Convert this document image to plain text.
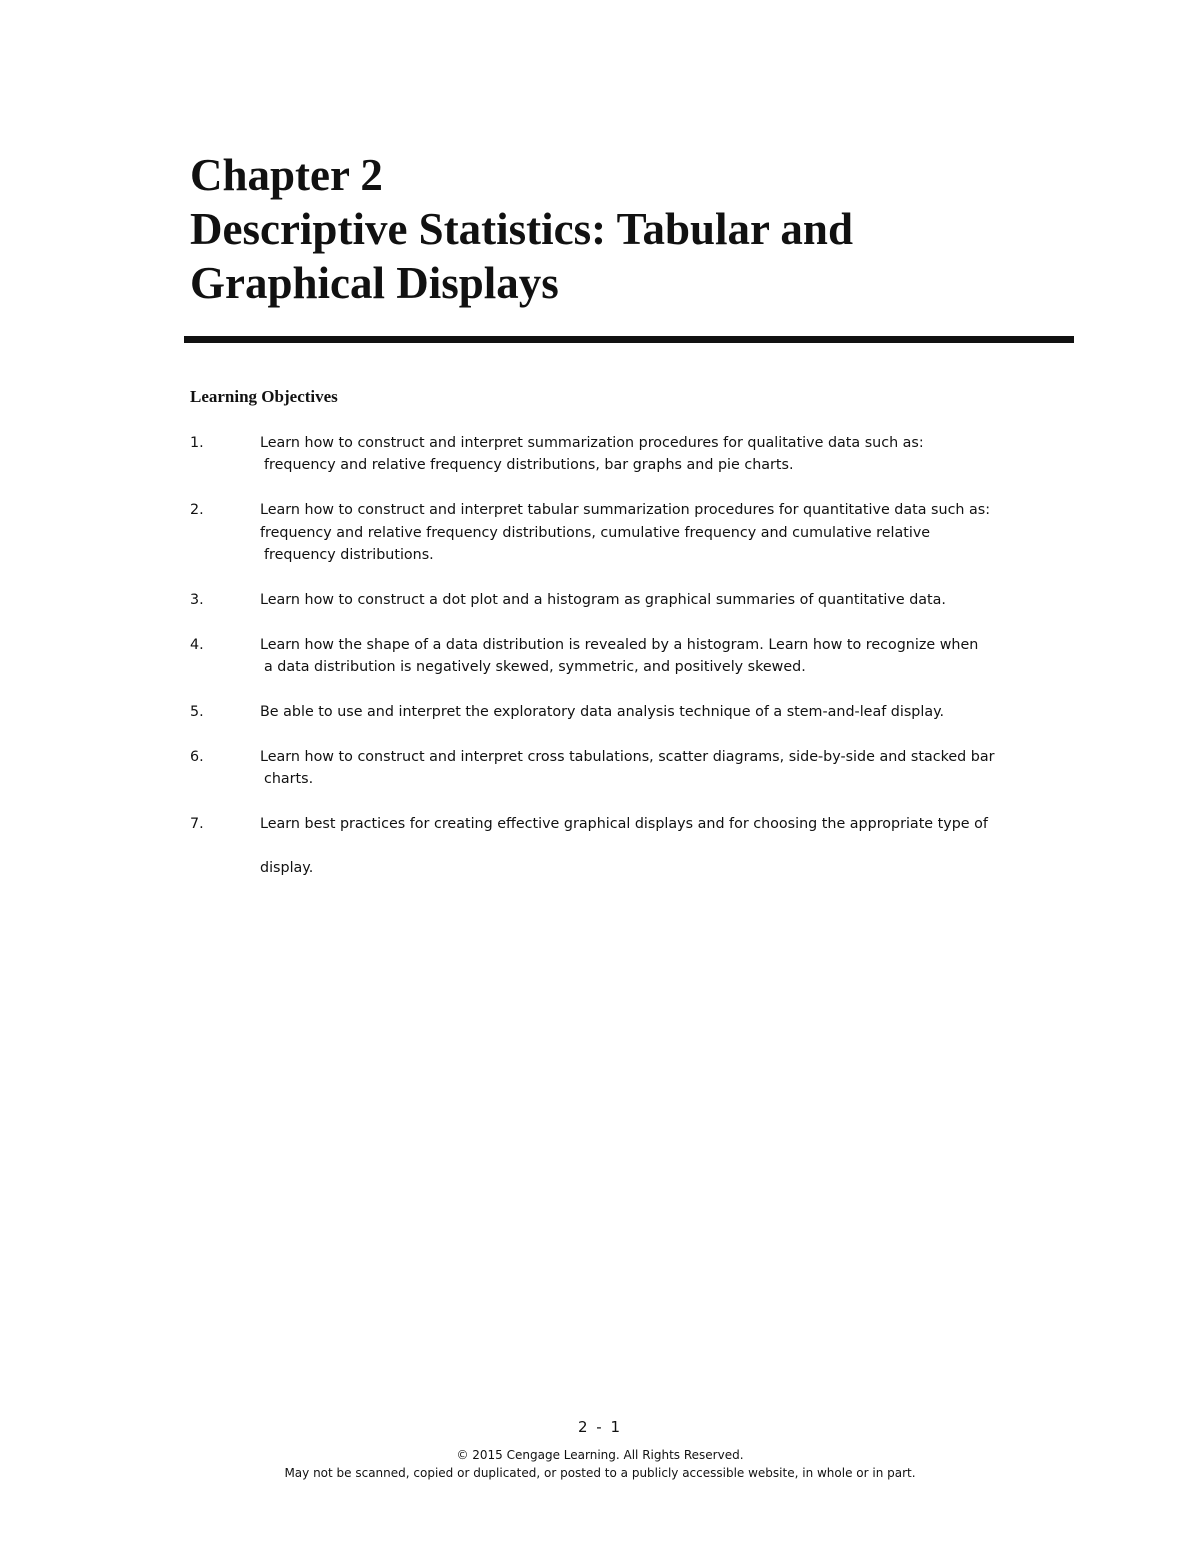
Chapter 2
Descriptive Statistics: Tabular and
Graphical Displays
Learning Objectives
1.	Learn how to construct and interpret summarization procedures for qualitative data such as:
frequency and relative frequency distributions, bar graphs and pie charts.
2.	Learn how to construct and interpret tabular summarization procedures for quantitative data such as:
frequency and relative frequency distributions, cumulative frequency and cumulative relative
frequency distributions.
3.	Learn how to construct a dot plot and a histogram as graphical summaries of quantitative data.
4.	Learn how the shape of a data distribution is revealed by a histogram. Learn how to recognize when
a data distribution is negatively skewed, symmetric, and positively skewed.
5.	Be able to use and interpret the exploratory data analysis technique of a stem-and-leaf display.
6.	Learn how to construct and interpret cross tabulations, scatter diagrams, side-by-side and stacked bar
charts.
7.	Learn best practices for creating effective graphical displays and for choosing the appropriate type of
display.
2 - 1
© 2015 Cengage Learning. All Rights Reserved.
May not be scanned, copied or duplicated, or posted to a publicly accessible website, in whole or in part.
